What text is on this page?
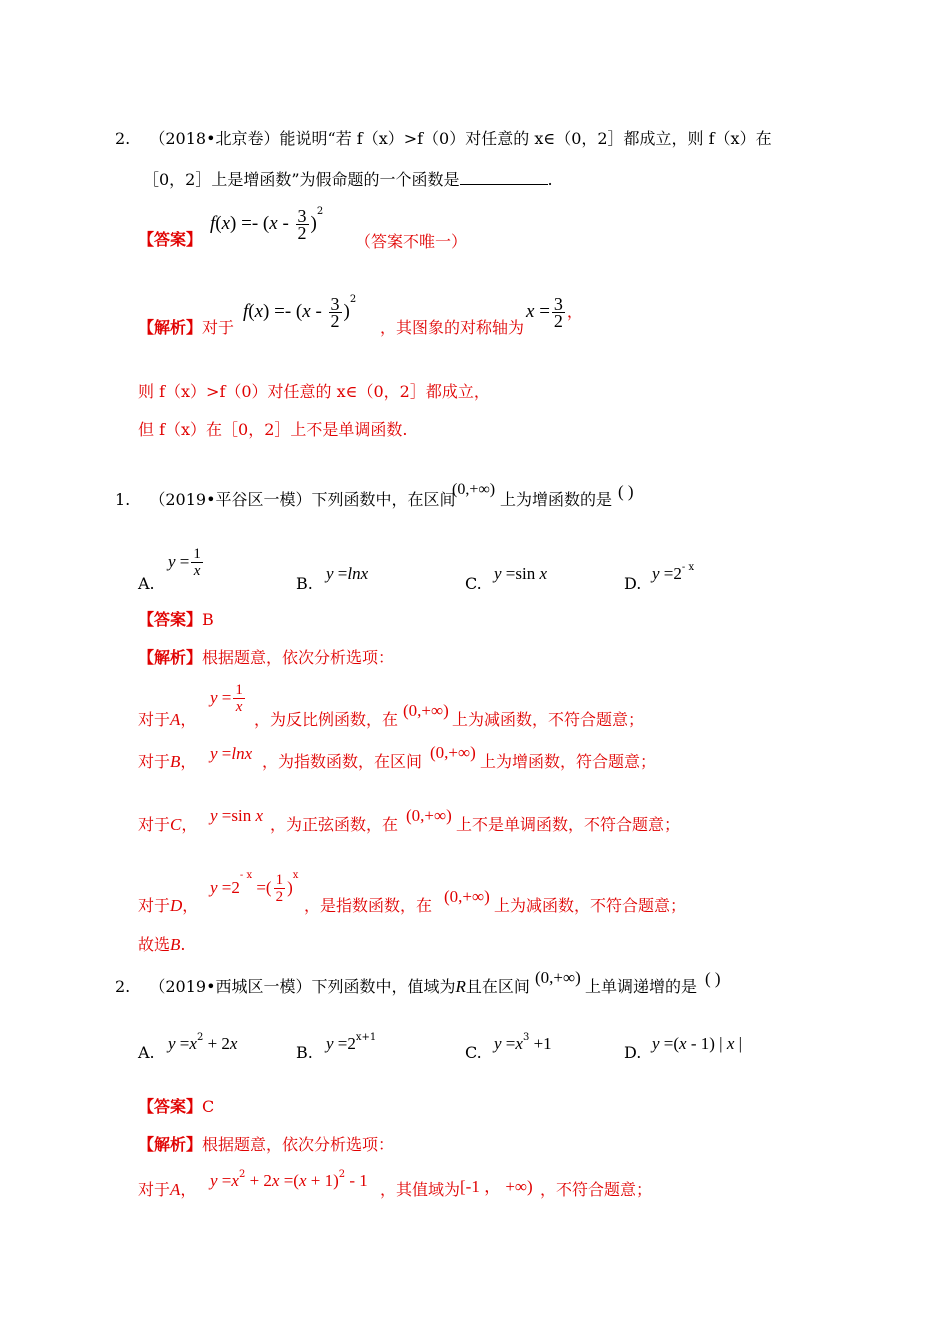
2. （2018•北京卷）能说明“若 f（x）>f（0）对任意的 x∈（0，2］都成立，则 f（x）在
［0，2］上是增函数”为假命题的一个函数是	.
【答案】
$f(x) =- (x - \frac{3}{2} )^2$
（答案不唯一）
【解析】对于
$f(x) =- (x - \frac{3}{2} )^2$
，其图象的对称轴为
$x = \frac{3}{2}$ ，
则 f（x）>f（0）对任意的 x∈（0，2］都成立，
但 f（x）在［0，2］上不是单调函数.
1. （2019•平谷区一模）下列函数中，在区间
(0,+∞)
上为增函数的是 ( )
A.
$y = \frac{1}{x}$
B.
y =lnx
C.
y =sin x
D.
$y =2^{- x}$
【答案】B
【解析】根据题意，依次分析选项：
对于A，
$y = \frac{1}{x}$
，为反比例函数，在 (0,+∞) 上为减函数，不符合题意；
对于B， y =lnx ，为指数函数，在区间 (0,+∞) 上为增函数，符合题意；
对于C， y =sin x ，为正弦函数，在 (0,+∞) 上不是单调函数，不符合题意；
对于D，
$y =2^{- x}$ =( $\frac{1}{2} )^x$
，是指数函数，在 (0,+∞) 上为减函数，不符合题意；
故选B.
2. （2019•西城区一模）下列函数中，值域为R且在区间 (0,+∞) 上单调递增的是 ( )
A. $y =x^2 + 2x$	B. $y =2^{x+1}$
C. $y =x^3 +1$	D. y =(x - 1) | x |
【答案】C
【解析】根据题意，依次分析选项：
对于A， $y =x^2 + 2x =(x + 1)^2 - 1$ ，其值域为 [-1 ， +∞) ，不符合题意；
